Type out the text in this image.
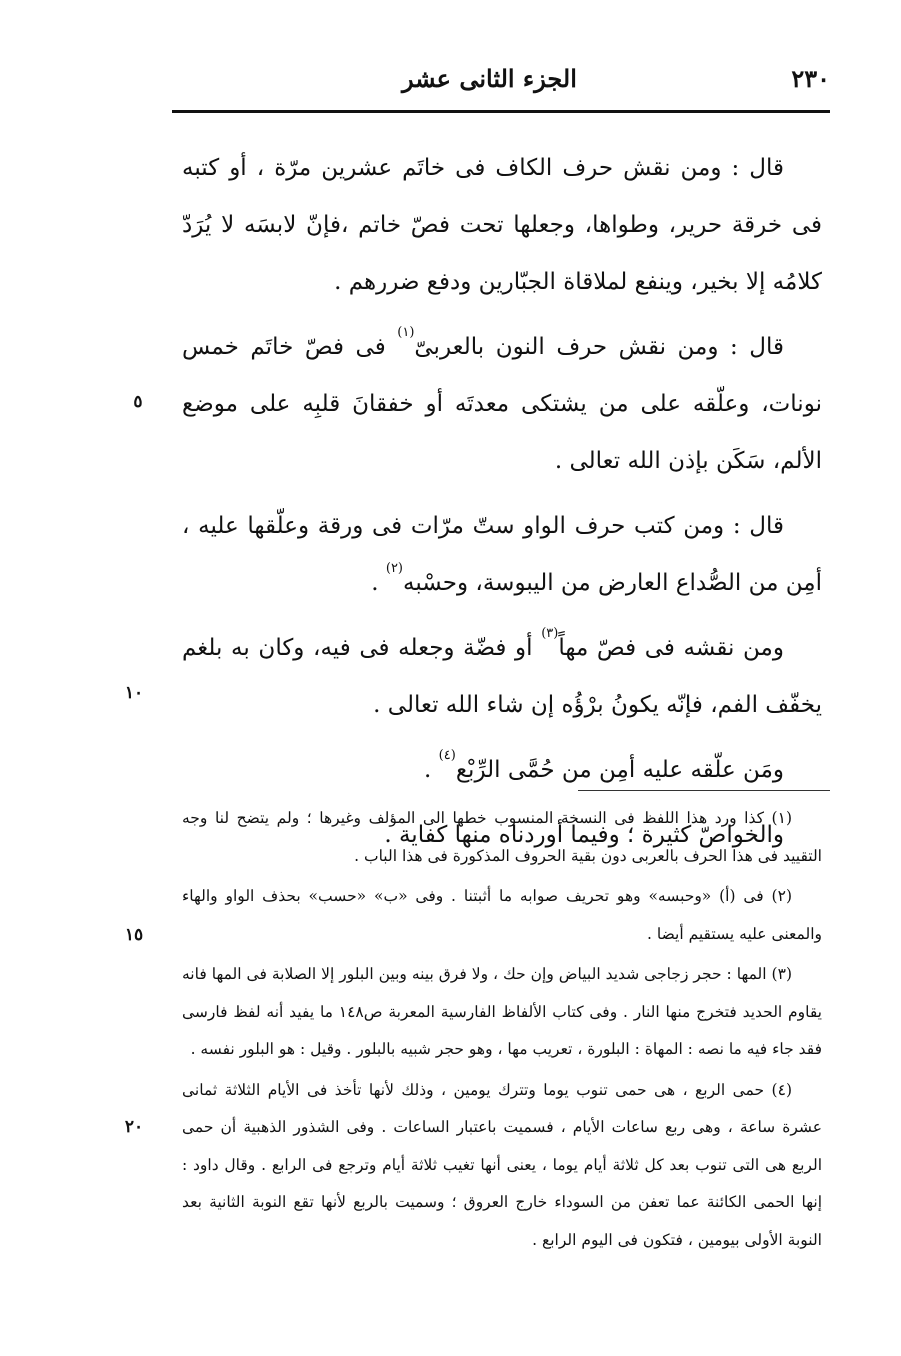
٢٣٠
الجزء الثانى عشر

قال : ومن نقش حرف الكاف فى خاتَم عشرين مرّة ، أو كتبه فى خرقة حرير، وطواها، وجعلها تحت فصّ خاتم ،فإنّ لابسَه لا يُرَدّ كلامُه إلا بخير، وينفع لملاقاة الجبّارين ودفع ضررهم .

قال : ومن نقش حرف النون بالعربىّ$^{(١)}$ فى فصّ خاتَم خمس نونات، وعلّقه على من يشتكى معدتَه أو خفقانَ قلبِه على موضع الألم، سَكَن بإذن الله تعالى .

قال : ومن كتب حرف الواو ستّ مرّات فى ورقة وعلّقها عليه ، أمِن من الصُّداع العارض من اليبوسة، وحسْبه$^{(٢)}$ .

ومن نقشه فى فصّ مهاً$^{(٣)}$ أو فضّة وجعله فى فيه، وكان به بلغم يخفّف الفم، فإنّه يكونُ برْؤُه إن شاء الله تعالى .

ومَن علّقه عليه أمِن من حُمَّى الرِّبْع$^{(٤)}$ .

والخواصّ كثيرة ؛ وفيما أوردناه منها كفاية .

(١) كذا ورد هذا اللفظ فى النسخة المنسوب خطها الى المؤلف وغيرها ؛ ولم يتضح لنا وجه التقييد فى هذا الحرف بالعربى دون بقية الحروف المذكورة فى هذا الباب .

(٢) فى (أ) «وحبسه» وهو تحريف صوابه ما أثبتنا . وفى «ب» «حسب» بحذف الواو والهاء والمعنى عليه يستقيم أيضا .

(٣) المها : حجر زجاجى شديد البياض وإن حك ، ولا فرق بينه وبين البلور إلا الصلابة فى المها فانه يقاوم الحديد فتخرج منها النار . وفى كتاب الألفاظ الفارسية المعربة ص١٤٨ ما يفيد أنه لفظ فارسى فقد جاء فيه ما نصه : المهاة : البلورة ، تعريب مها ، وهو حجر شبيه بالبلور . وقيل : هو البلور نفسه .

(٤) حمى الربع ، هى حمى تنوب يوما وتترك يومين ، وذلك لأنها تأخذ فى الأيام الثلاثة ثمانى عشرة ساعة ، وهى ربع ساعات الأيام ، فسميت باعتبار الساعات . وفى الشذور الذهبية أن حمى الربع هى التى تنوب بعد كل ثلاثة أيام يوما ، يعنى أنها تغيب ثلاثة أيام وترجع فى الرابع . وقال داود : إنها الحمى الكائنة عما تعفن من السوداء خارج العروق ؛ وسميت بالربع لأنها تقع النوبة الثانية بعد النوبة الأولى بيومين ، فتكون فى اليوم الرابع .

٥
١٠
١٥
٢٠
